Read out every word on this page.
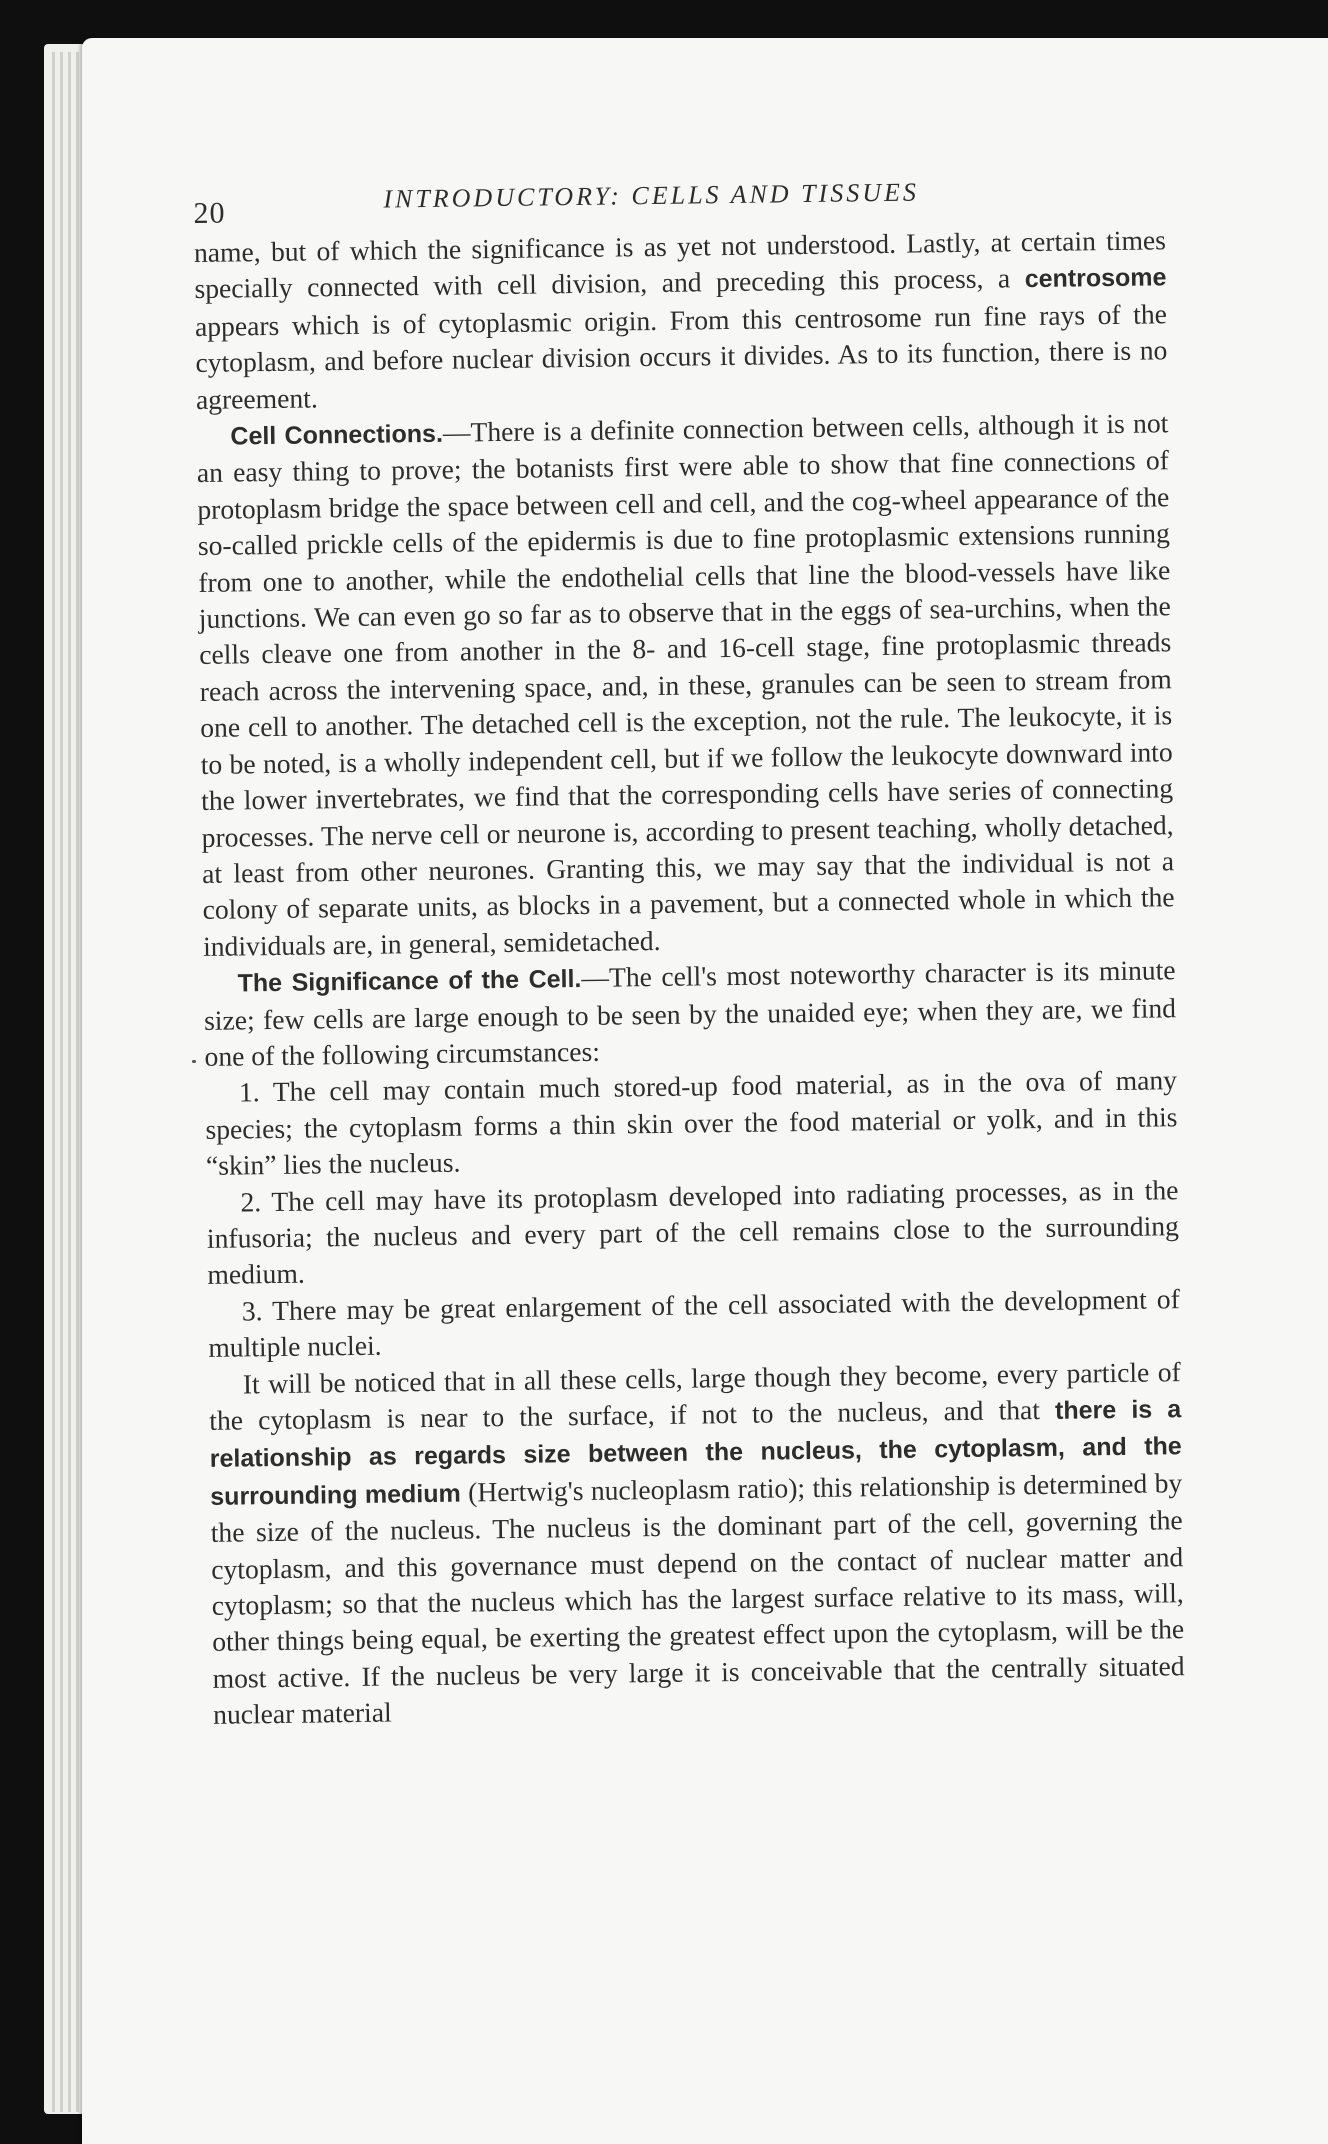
20	INTRODUCTORY: CELLS AND TISSUES

name, but of which the significance is as yet not understood. Lastly, at certain times specially connected with cell division, and preceding this process, a centrosome appears which is of cytoplasmic origin. From this centrosome run fine rays of the cytoplasm, and before nuclear division occurs it divides. As to its function, there is no agreement.

Cell Connections.—There is a definite connection between cells, although it is not an easy thing to prove; the botanists first were able to show that fine connections of protoplasm bridge the space between cell and cell, and the cog-wheel appearance of the so-called prickle cells of the epidermis is due to fine protoplasmic extensions running from one to another, while the endothelial cells that line the blood-vessels have like junctions. We can even go so far as to observe that in the eggs of sea-urchins, when the cells cleave one from another in the 8- and 16-cell stage, fine protoplasmic threads reach across the intervening space, and, in these, granules can be seen to stream from one cell to another. The detached cell is the exception, not the rule. The leukocyte, it is to be noted, is a wholly independent cell, but if we follow the leukocyte downward into the lower invertebrates, we find that the corresponding cells have series of connecting processes. The nerve cell or neurone is, according to present teaching, wholly detached, at least from other neurones. Granting this, we may say that the individual is not a colony of separate units, as blocks in a pavement, but a connected whole in which the individuals are, in general, semidetached.

The Significance of the Cell.—The cell's most noteworthy character is its minute size; few cells are large enough to be seen by the unaided eye; when they are, we find one of the following circumstances:

1. The cell may contain much stored-up food material, as in the ova of many species; the cytoplasm forms a thin skin over the food material or yolk, and in this “skin” lies the nucleus.

2. The cell may have its protoplasm developed into radiating processes, as in the infusoria; the nucleus and every part of the cell remains close to the surrounding medium.

3. There may be great enlargement of the cell associated with the development of multiple nuclei.

It will be noticed that in all these cells, large though they become, every particle of the cytoplasm is near to the surface, if not to the nucleus, and that there is a relationship as regards size between the nucleus, the cytoplasm, and the surrounding medium (Hertwig's nucleoplasm ratio); this relationship is determined by the size of the nucleus. The nucleus is the dominant part of the cell, governing the cytoplasm, and this governance must depend on the contact of nuclear matter and cytoplasm; so that the nucleus which has the largest surface relative to its mass, will, other things being equal, be exerting the greatest effect upon the cytoplasm, will be the most active. If the nucleus be very large it is conceivable that the centrally situated nuclear material
